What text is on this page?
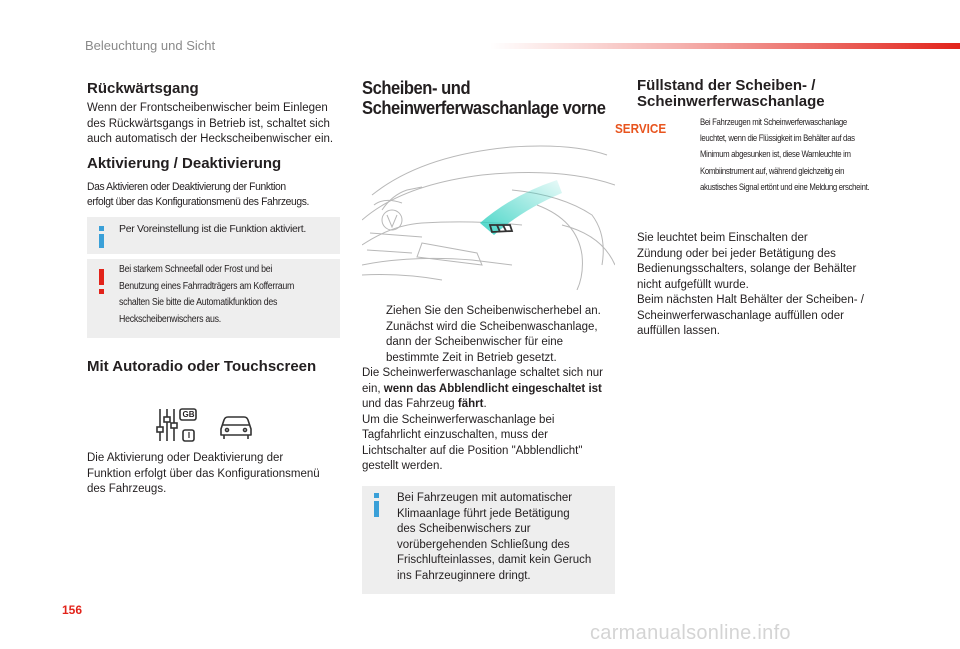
Beleuchtung und Sicht
156
Rückwärtsgang
Wenn der Frontscheibenwischer beim Einlegen
des Rückwärtsgangs in Betrieb ist, schaltet sich
auch automatisch der Heckscheibenwischer ein.
Aktivierung / Deaktivierung
Das Aktivieren oder Deaktivierung der Funktion
erfolgt über das Konfigurationsmenü des Fahrzeugs.
Per Voreinstellung ist die Funktion aktiviert.
Bei starkem Schneefall oder Frost und bei
Benutzung eines Fahrradträgers am Kofferraum
schalten Sie bitte die Automatikfunktion des
Heckscheibenwischers aus.
Mit Autoradio oder Touchscreen
GB
I
Die Aktivierung oder Deaktivierung der
Funktion erfolgt über das Konfigurationsmenü
des Fahrzeugs.
Scheiben- und
Scheinwerferwaschanlage vorne
Ziehen Sie den Scheibenwischerhebel an.
Zunächst wird die Scheibenwaschanlage,
dann der Scheibenwischer für eine
bestimmte Zeit in Betrieb gesetzt.
Die Scheinwerferwaschanlage schaltet sich nur
ein, wenn das Abblendlicht eingeschaltet ist
und das Fahrzeug fährt.
Um die Scheinwerferwaschanlage bei
Tagfahrlicht einzuschalten, muss der
Lichtschalter auf die Position "Abblendlicht"
gestellt werden.
Bei Fahrzeugen mit automatischer
Klimaanlage führt jede Betätigung
des Scheibenwischers zur
vorübergehenden Schließung des
Frischlufteinlasses, damit kein Geruch
ins Fahrzeuginnere dringt.
Füllstand der Scheiben- /
Scheinwerferwaschanlage
SERVICE	Bei Fahrzeugen mit Scheinwerferwaschanlage
leuchtet, wenn die Flüssigkeit im Behälter auf das
Minimum abgesunken ist, diese Warnleuchte im
Kombiinstrument auf, während gleichzeitig ein
akustisches Signal ertönt und eine Meldung erscheint.
Sie leuchtet beim Einschalten der
Zündung oder bei jeder Betätigung des
Bedienungsschalters, solange der Behälter
nicht aufgefüllt wurde.
Beim nächsten Halt Behälter der Scheiben- /
Scheinwerferwaschanlage auffüllen oder
auffüllen lassen.
carmanualsonline.info
